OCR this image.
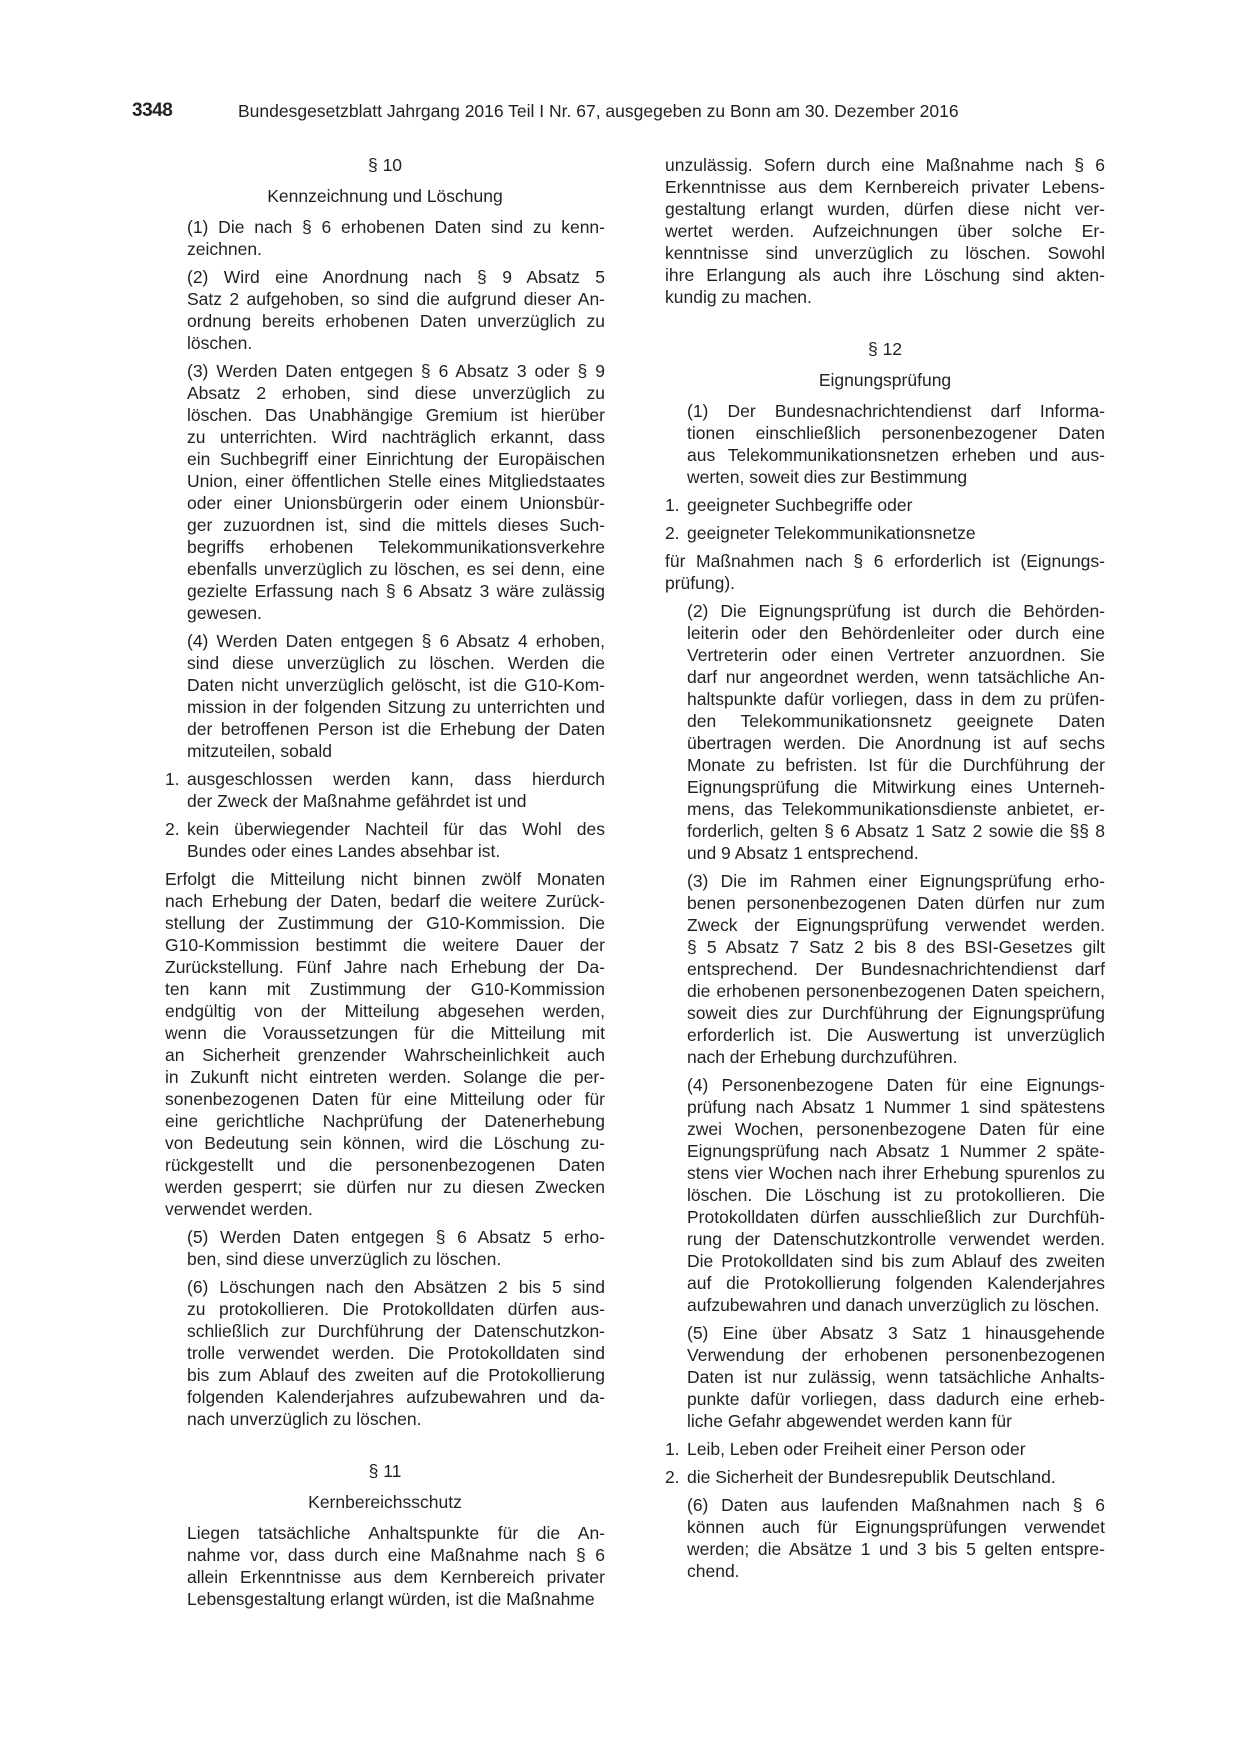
3348	Bundesgesetzblatt Jahrgang 2016 Teil I Nr. 67, ausgegeben zu Bonn am 30. Dezember 2016
§ 10
Kennzeichnung und Löschung
(1) Die nach § 6 erhobenen Daten sind zu kenn-
zeichnen.
(2) Wird eine Anordnung nach § 9 Absatz 5
Satz 2 aufgehoben, so sind die aufgrund dieser An-
ordnung bereits erhobenen Daten unverzüglich zu
löschen.
(3) Werden Daten entgegen § 6 Absatz 3 oder § 9
Absatz 2 erhoben, sind diese unverzüglich zu
löschen. Das Unabhängige Gremium ist hierüber
zu unterrichten. Wird nachträglich erkannt, dass
ein Suchbegriff einer Einrichtung der Europäischen
Union, einer öffentlichen Stelle eines Mitgliedstaates
oder einer Unionsbürgerin oder einem Unionsbür-
ger zuzuordnen ist, sind die mittels dieses Such-
begriffs erhobenen Telekommunikationsverkehre
ebenfalls unverzüglich zu löschen, es sei denn, eine
gezielte Erfassung nach § 6 Absatz 3 wäre zulässig
gewesen.
(4) Werden Daten entgegen § 6 Absatz 4 erhoben,
sind diese unverzüglich zu löschen. Werden die
Daten nicht unverzüglich gelöscht, ist die G10-Kom-
mission in der folgenden Sitzung zu unterrichten und
der betroffenen Person ist die Erhebung der Daten
mitzuteilen, sobald
1. ausgeschlossen werden kann, dass hierdurch
der Zweck der Maßnahme gefährdet ist und
2. kein überwiegender Nachteil für das Wohl des
Bundes oder eines Landes absehbar ist.
Erfolgt die Mitteilung nicht binnen zwölf Monaten
nach Erhebung der Daten, bedarf die weitere Zurück-
stellung der Zustimmung der G10-Kommission. Die
G10-Kommission bestimmt die weitere Dauer der
Zurückstellung. Fünf Jahre nach Erhebung der Da-
ten kann mit Zustimmung der G10-Kommission
endgültig von der Mitteilung abgesehen werden,
wenn die Voraussetzungen für die Mitteilung mit
an Sicherheit grenzender Wahrscheinlichkeit auch
in Zukunft nicht eintreten werden. Solange die per-
sonenbezogenen Daten für eine Mitteilung oder für
eine gerichtliche Nachprüfung der Datenerhebung
von Bedeutung sein können, wird die Löschung zu-
rückgestellt und die personenbezogenen Daten
werden gesperrt; sie dürfen nur zu diesen Zwecken
verwendet werden.
(5) Werden Daten entgegen § 6 Absatz 5 erho-
ben, sind diese unverzüglich zu löschen.
(6) Löschungen nach den Absätzen 2 bis 5 sind
zu protokollieren. Die Protokolldaten dürfen aus-
schließlich zur Durchführung der Datenschutzkon-
trolle verwendet werden. Die Protokolldaten sind
bis zum Ablauf des zweiten auf die Protokollierung
folgenden Kalenderjahres aufzubewahren und da-
nach unverzüglich zu löschen.
§ 11
Kernbereichsschutz
Liegen tatsächliche Anhaltspunkte für die An-
nahme vor, dass durch eine Maßnahme nach § 6
allein Erkenntnisse aus dem Kernbereich privater
Lebensgestaltung erlangt würden, ist die Maßnahme
unzulässig. Sofern durch eine Maßnahme nach § 6
Erkenntnisse aus dem Kernbereich privater Lebens-
gestaltung erlangt wurden, dürfen diese nicht ver-
wertet werden. Aufzeichnungen über solche Er-
kenntnisse sind unverzüglich zu löschen. Sowohl
ihre Erlangung als auch ihre Löschung sind akten-
kundig zu machen.
§ 12
Eignungsprüfung
(1) Der Bundesnachrichtendienst darf Informa-
tionen einschließlich personenbezogener Daten
aus Telekommunikationsnetzen erheben und aus-
werten, soweit dies zur Bestimmung
1. geeigneter Suchbegriffe oder
2. geeigneter Telekommunikationsnetze
für Maßnahmen nach § 6 erforderlich ist (Eignungs-
prüfung).
(2) Die Eignungsprüfung ist durch die Behörden-
leiterin oder den Behördenleiter oder durch eine
Vertreterin oder einen Vertreter anzuordnen. Sie
darf nur angeordnet werden, wenn tatsächliche An-
haltspunkte dafür vorliegen, dass in dem zu prüfen-
den Telekommunikationsnetz geeignete Daten
übertragen werden. Die Anordnung ist auf sechs
Monate zu befristen. Ist für die Durchführung der
Eignungsprüfung die Mitwirkung eines Unterneh-
mens, das Telekommunikationsdienste anbietet, er-
forderlich, gelten § 6 Absatz 1 Satz 2 sowie die §§ 8
und 9 Absatz 1 entsprechend.
(3) Die im Rahmen einer Eignungsprüfung erho-
benen personenbezogenen Daten dürfen nur zum
Zweck der Eignungsprüfung verwendet werden.
§ 5 Absatz 7 Satz 2 bis 8 des BSI-Gesetzes gilt
entsprechend. Der Bundesnachrichtendienst darf
die erhobenen personenbezogenen Daten speichern,
soweit dies zur Durchführung der Eignungsprüfung
erforderlich ist. Die Auswertung ist unverzüglich
nach der Erhebung durchzuführen.
(4) Personenbezogene Daten für eine Eignungs-
prüfung nach Absatz 1 Nummer 1 sind spätestens
zwei Wochen, personenbezogene Daten für eine
Eignungsprüfung nach Absatz 1 Nummer 2 späte-
stens vier Wochen nach ihrer Erhebung spurenlos zu
löschen. Die Löschung ist zu protokollieren. Die
Protokolldaten dürfen ausschließlich zur Durchfüh-
rung der Datenschutzkontrolle verwendet werden.
Die Protokolldaten sind bis zum Ablauf des zweiten
auf die Protokollierung folgenden Kalenderjahres
aufzubewahren und danach unverzüglich zu löschen.
(5) Eine über Absatz 3 Satz 1 hinausgehende
Verwendung der erhobenen personenbezogenen
Daten ist nur zulässig, wenn tatsächliche Anhalts-
punkte dafür vorliegen, dass dadurch eine erheb-
liche Gefahr abgewendet werden kann für
1. Leib, Leben oder Freiheit einer Person oder
2. die Sicherheit der Bundesrepublik Deutschland.
(6) Daten aus laufenden Maßnahmen nach § 6
können auch für Eignungsprüfungen verwendet
werden; die Absätze 1 und 3 bis 5 gelten entspre-
chend.
